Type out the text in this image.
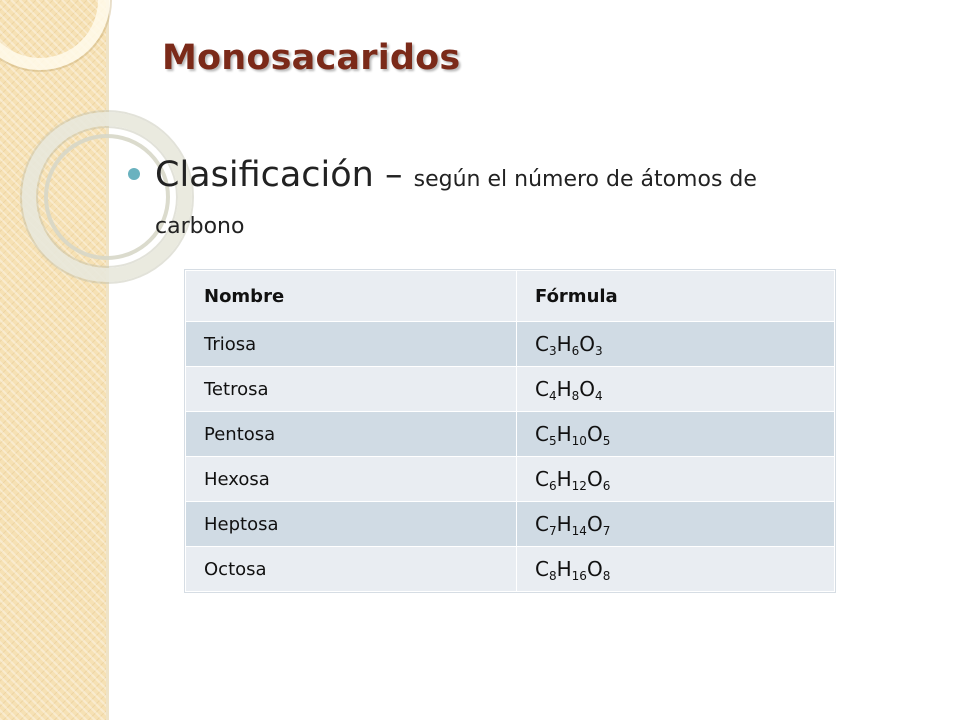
Monosacaridos
Clasificación – según el número de átomos de
carbono
Nombre	Fórmula
Triosa	$C_3H_6O_3$
Tetrosa	$C_4H_8O_4$
Pentosa	$C_5H_{10}O_5$
Hexosa	$C_6H_{12}O_6$
Heptosa	$C_7H_{14}O_7$
Octosa	$C_8H_{16}O_8$
